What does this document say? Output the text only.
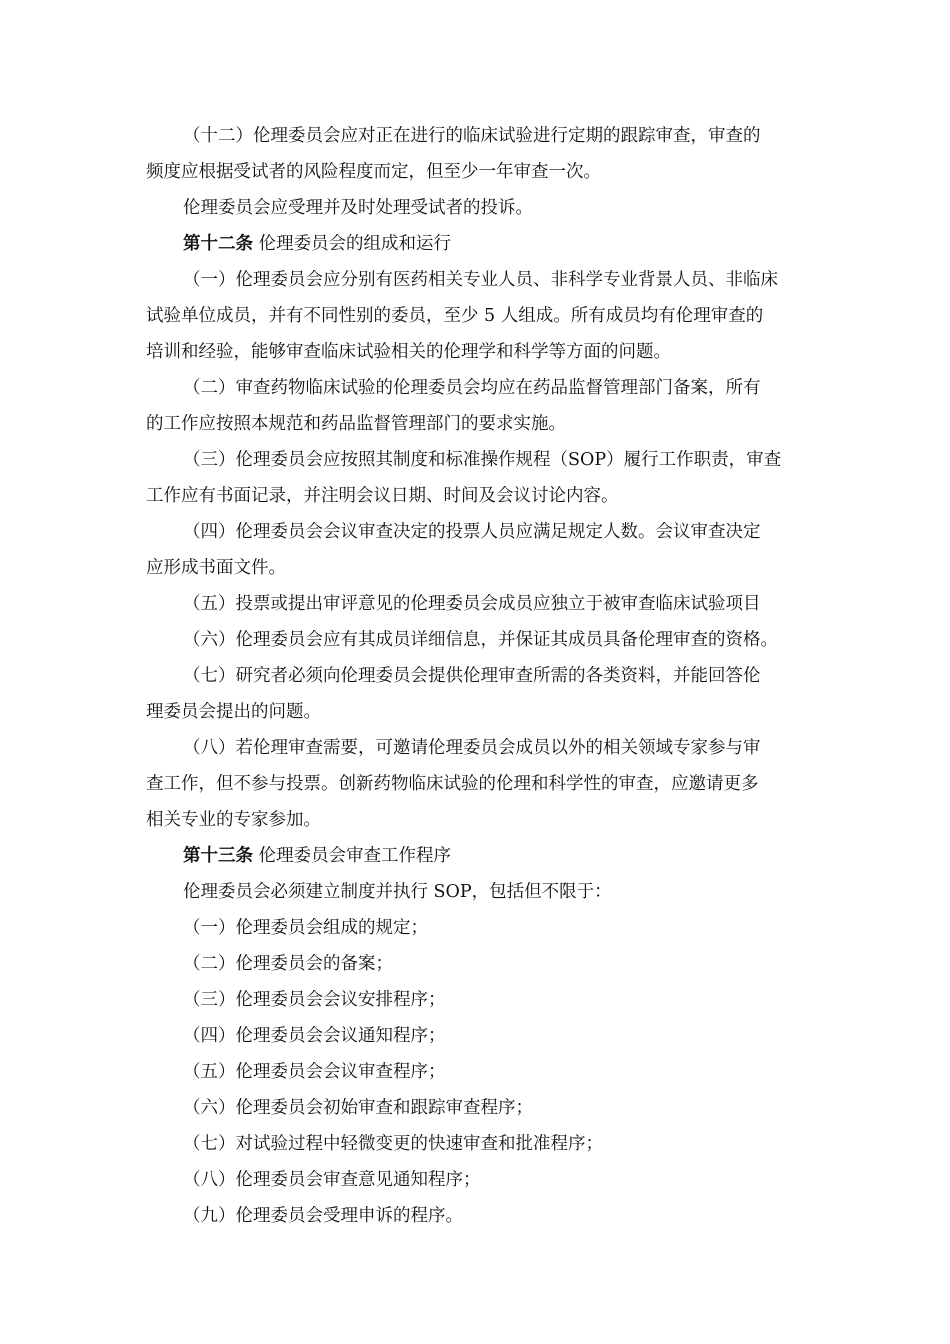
（十二）伦理委员会应对正在进行的临床试验进行定期的跟踪审查，审查的
频度应根据受试者的风险程度而定，但至少一年审查一次。
伦理委员会应受理并及时处理受试者的投诉。
第十二条 伦理委员会的组成和运行
（一）伦理委员会应分别有医药相关专业人员、非科学专业背景人员、非临床
试验单位成员，并有不同性别的委员，至少 5 人组成。所有成员均有伦理审查的
培训和经验，能够审查临床试验相关的伦理学和科学等方面的问题。
（二）审查药物临床试验的伦理委员会均应在药品监督管理部门备案，所有
的工作应按照本规范和药品监督管理部门的要求实施。
（三）伦理委员会应按照其制度和标准操作规程（SOP）履行工作职责，审查
工作应有书面记录，并注明会议日期、时间及会议讨论内容。
（四）伦理委员会会议审查决定的投票人员应满足规定人数。会议审查决定
应形成书面文件。
（五）投票或提出审评意见的伦理委员会成员应独立于被审查临床试验项目
（六）伦理委员会应有其成员详细信息，并保证其成员具备伦理审查的资格。
（七）研究者必须向伦理委员会提供伦理审查所需的各类资料，并能回答伦
理委员会提出的问题。
（八）若伦理审查需要，可邀请伦理委员会成员以外的相关领域专家参与审
查工作，但不参与投票。创新药物临床试验的伦理和科学性的审查，应邀请更多
相关专业的专家参加。
第十三条 伦理委员会审查工作程序
伦理委员会必须建立制度并执行 SOP，包括但不限于：
（一）伦理委员会组成的规定；
（二）伦理委员会的备案；
（三）伦理委员会会议安排程序；
（四）伦理委员会会议通知程序；
（五）伦理委员会会议审查程序；
（六）伦理委员会初始审查和跟踪审查程序；
（七）对试验过程中轻微变更的快速审查和批准程序；
（八）伦理委员会审查意见通知程序；
（九）伦理委员会受理申诉的程序。
